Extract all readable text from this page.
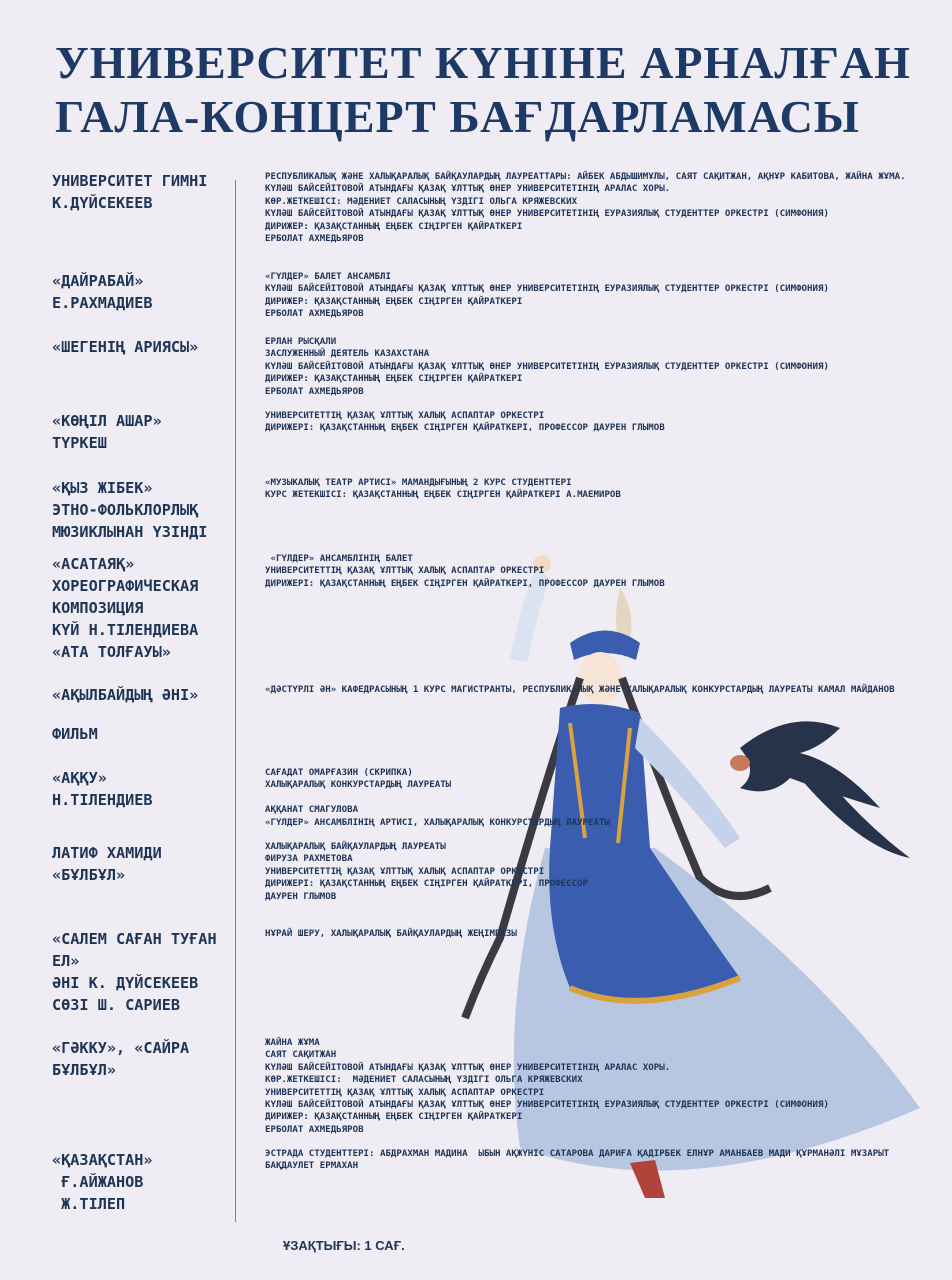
УНИВЕРСИТЕТ КҮНІНЕ АРНАЛҒАН
ГАЛА-КОНЦЕРТ БАҒДАРЛАМАСЫ
УНИВЕРСИТЕТ ГИМНІ
К.ДҮЙСЕКЕЕВ
РЕСПУБЛИКАЛЫҚ ЖӘНЕ ХАЛЫҚАРАЛЫҚ БАЙҚАУЛАРДЫҢ ЛАУРЕАТТАРЫ: АЙБЕК АБДЫШИМҰЛЫ, САЯТ САҚИТЖАН, АҚНҰР КАБИТОВА, ЖАЙНА ЖҰМА.
КҮЛӘШ БАЙСЕЙІТОВОЙ АТЫНДАҒЫ ҚАЗАҚ ҰЛТТЫҚ ӨНЕР УНИВЕРСИТЕТІНІҢ АРАЛАС ХОРЫ.
КӨР.ЖЕТКЕШІСІ: МӘДЕНИЕТ САЛАСЫНЫҢ ҮЗДІГІ ОЛЬГА КРЯЖЕВСКИХ
КҮЛӘШ БАЙСЕЙІТОВОЙ АТЫНДАҒЫ ҚАЗАҚ ҰЛТТЫҚ ӨНЕР УНИВЕРСИТЕТІНІҢ ЕУРАЗИЯЛЫҚ СТУДЕНТТЕР ОРКЕСТРІ (СИМФОНИЯ)
ДИРИЖЕР: ҚАЗАҚСТАННЫҢ ЕҢБЕК СІҢІРГЕН ҚАЙРАТКЕРІ
ЕРБОЛАТ АХМЕДЬЯРОВ
«ДАЙРАБАЙ»
Е.РАХМАДИЕВ
«ГҮЛДЕР» БАЛЕТ АНСАМБЛІ
КҮЛӘШ БАЙСЕЙІТОВОЙ АТЫНДАҒЫ ҚАЗАҚ ҰЛТТЫҚ ӨНЕР УНИВЕРСИТЕТІНІҢ ЕУРАЗИЯЛЫҚ СТУДЕНТТЕР ОРКЕСТРІ (СИМФОНИЯ)
ДИРИЖЕР: ҚАЗАҚСТАННЫҢ ЕҢБЕК СІҢІРГЕН ҚАЙРАТКЕРІ
ЕРБОЛАТ АХМЕДЬЯРОВ
«ШЕГЕНІҢ АРИЯСЫ»	ЕРЛАН РЫСҚАЛИ
ЗАСЛУЖЕННЫЙ ДЕЯТЕЛЬ КАЗАХСТАНА
КҮЛӘШ БАЙСЕЙІТОВОЙ АТЫНДАҒЫ ҚАЗАҚ ҰЛТТЫҚ ӨНЕР УНИВЕРСИТЕТІНІҢ ЕУРАЗИЯЛЫҚ СТУДЕНТТЕР ОРКЕСТРІ (СИМФОНИЯ)
ДИРИЖЕР: ҚАЗАҚСТАННЫҢ ЕҢБЕК СІҢІРГЕН ҚАЙРАТКЕРІ
ЕРБОЛАТ АХМЕДЬЯРОВ
«КӨҢІЛ АШАР»
ТҮРКЕШ
УНИВЕРСИТЕТТІҢ ҚАЗАҚ ҰЛТТЫҚ ХАЛЫҚ АСПАПТАР ОРКЕСТРІ
ДИРИЖЕРІ: ҚАЗАҚСТАННЫҢ ЕҢБЕК СІҢІРГЕН ҚАЙРАТКЕРІ, ПРОФЕССОР ДАУРЕН ГЛЫМОВ
«ҚЫЗ ЖІБЕК»
ЭТНО-ФОЛЬКЛОРЛЫҚ
МЮЗИКЛЫНАН ҮЗІНДІ
«МУЗЫКАЛЫҚ ТЕАТР АРТИСІ» МАМАНДЫҒЫНЫҢ 2 КУРС СТУДЕНТТЕРІ
КУРС ЖЕТЕКШІСІ: ҚАЗАҚСТАННЫҢ ЕҢБЕК СІҢІРГЕН ҚАЙРАТКЕРІ А.МАЕМИРОВ
«АСАТАЯҚ»
ХОРЕОГРАФИЧЕСКАЯ
КОМПОЗИЦИЯ
КҮЙ Н.ТІЛЕНДИЕВА
«АТА ТОЛҒАУЫ»
«ГҮЛДЕР» АНСАМБЛІНІҢ БАЛЕТ
УНИВЕРСИТЕТТІҢ ҚАЗАҚ ҰЛТТЫҚ ХАЛЫҚ АСПАПТАР ОРКЕСТРІ
ДИРИЖЕРІ: ҚАЗАҚСТАННЫҢ ЕҢБЕК СІҢІРГЕН ҚАЙРАТКЕРІ, ПРОФЕССОР ДАУРЕН ГЛЫМОВ
«АҚЫЛБАЙДЫҢ ӘНІ»	«ДӘСТҮРЛІ ӘН» КАФЕДРАСЫНЫҢ 1 КУРС МАГИСТРАНТЫ, РЕСПУБЛИКАЛЫҚ ЖӘНЕ ХАЛЫҚАРАЛЫҚ КОНКУРСТАРДЫҢ ЛАУРЕАТЫ КАМАЛ МАЙДАНОВ
ФИЛЬМ
«АҚҚУ»
Н.ТІЛЕНДИЕВ
САҒАДАТ ОМАРҒАЗИН (СКРИПКА)
ХАЛЫҚАРАЛЫҚ КОНКУРСТАРДЫҢ ЛАУРЕАТЫ

АҚҚАНАТ СМАГУЛОВА
«ГҮЛДЕР» АНСАМБЛІНІҢ АРТИСІ, ХАЛЫҚАРАЛЫҚ КОНКУРСТАРДЫҢ ЛАУРЕАТЫ
ЛАТИФ ХАМИДИ
«БҰЛБҰЛ»
ХАЛЫҚАРАЛЫҚ БАЙҚАУЛАРДЫҢ ЛАУРЕАТЫ
ФИРУЗА РАХМЕТОВА
УНИВЕРСИТЕТТІҢ ҚАЗАҚ ҰЛТТЫҚ ХАЛЫҚ АСПАПТАР ОРКЕСТРІ
ДИРИЖЕРІ: ҚАЗАҚСТАННЫҢ ЕҢБЕК СІҢІРГЕН ҚАЙРАТКЕРІ, ПРОФЕССОР
ДАУРЕН ГЛЫМОВ
«САЛЕМ САҒАН ТУҒАН
ЕЛ»
ӘНІ К. ДҮЙСЕКЕЕВ
СӨЗІ Ш. САРИЕВ
НҰРАЙ ШЕРУ, ХАЛЫҚАРАЛЫҚ БАЙҚАУЛАРДЫҢ ЖЕҢІМПАЗЫ
«ГӘККУ», «САЙРА
БҰЛБҰЛ»
ЖАЙНА ЖҰМА
САЯТ САҚИТЖАН
КҮЛӘШ БАЙСЕЙІТОВОЙ АТЫНДАҒЫ ҚАЗАҚ ҰЛТТЫҚ ӨНЕР УНИВЕРСИТЕТІНІҢ АРАЛАС ХОРЫ.
КӨР.ЖЕТКЕШІСІ:  МӘДЕНИЕТ САЛАСЫНЫҢ ҮЗДІГІ ОЛЬГА КРЯЖЕВСКИХ
УНИВЕРСИТЕТТІҢ ҚАЗАҚ ҰЛТТЫҚ ХАЛЫҚ АСПАПТАР ОРКЕСТРІ
КҮЛӘШ БАЙСЕЙІТОВОЙ АТЫНДАҒЫ ҚАЗАҚ ҰЛТТЫҚ ӨНЕР УНИВЕРСИТЕТІНІҢ ЕУРАЗИЯЛЫҚ СТУДЕНТТЕР ОРКЕСТРІ (СИМФОНИЯ)
ДИРИЖЕР: ҚАЗАҚСТАННЫҢ ЕҢБЕК СІҢІРГЕН ҚАЙРАТКЕРІ
ЕРБОЛАТ АХМЕДЬЯРОВ
«ҚАЗАҚСТАН»
Ғ.АЙЖАНОВ
Ж.ТІЛЕП
ЭСТРАДА СТУДЕНТТЕРІ: АБДРАХМАН МАДИНА  ЫБЫН АҚЖҮНІС САТАРОВА ДАРИҒА ҚАДІРБЕК ЕЛНҰР АМАНБАЕВ МАДИ ҚҰРМАНӘЛІ МҰЗАРЫТ БАҚДАУЛЕТ ЕРМАХАН
ҰЗАҚТЫҒЫ: 1 САҒ.
